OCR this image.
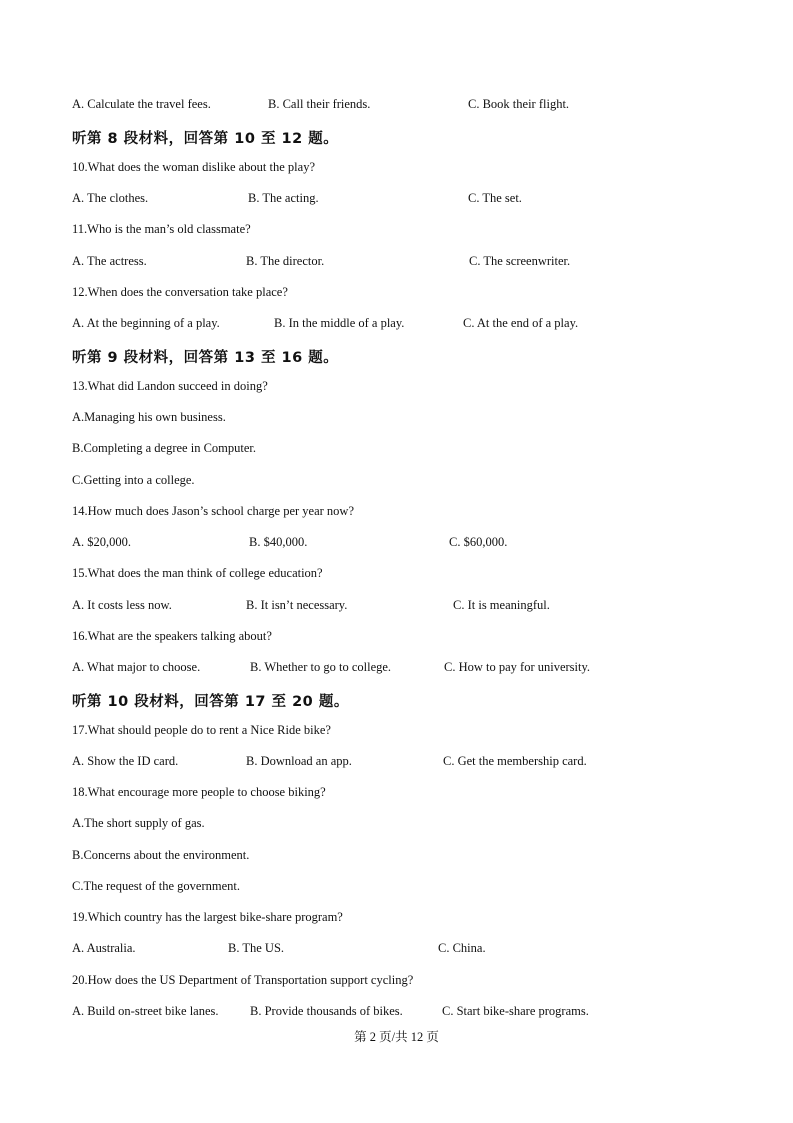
A. Calculate the travel fees.	B. Call their friends.	C. Book their flight.
听第 8 段材料，回答第 10 至 12 题。
10.What does the woman dislike about the play?
A. The clothes.	B. The acting.	C. The set.
11.Who is the man’s old classmate?
A. The actress.	B. The director.	C. The screenwriter.
12.When does the conversation take place?
A. At the beginning of a play.	B. In the middle of a play.	C. At the end of a play.
听第 9 段材料，回答第 13 至 16 题。
13.What did Landon succeed in doing?
A.Managing his own business.
B.Completing a degree in Computer.
C.Getting into a college.
14.How much does Jason’s school charge per year now?
A. $20,000.	B. $40,000.	C. $60,000.
15.What does the man think of college education?
A. It costs less now.	B. It isn’t necessary.	C. It is meaningful.
16.What are the speakers talking about?
A. What major to choose.	B. Whether to go to college.	C. How to pay for university.
听第 10 段材料，回答第 17 至 20 题。
17.What should people do to rent a Nice Ride bike?
A. Show the ID card.	B. Download an app.	C. Get the membership card.
18.What encourage more people to choose biking?
A.The short supply of gas.
B.Concerns about the environment.
C.The request of the government.
19.Which country has the largest bike-share program?
A. Australia.	B. The US.	C. China.
20.How does the US Department of Transportation support cycling?
A. Build on-street bike lanes.	B. Provide thousands of bikes.	C. Start bike-share programs.
第 2 页/共 12 页
